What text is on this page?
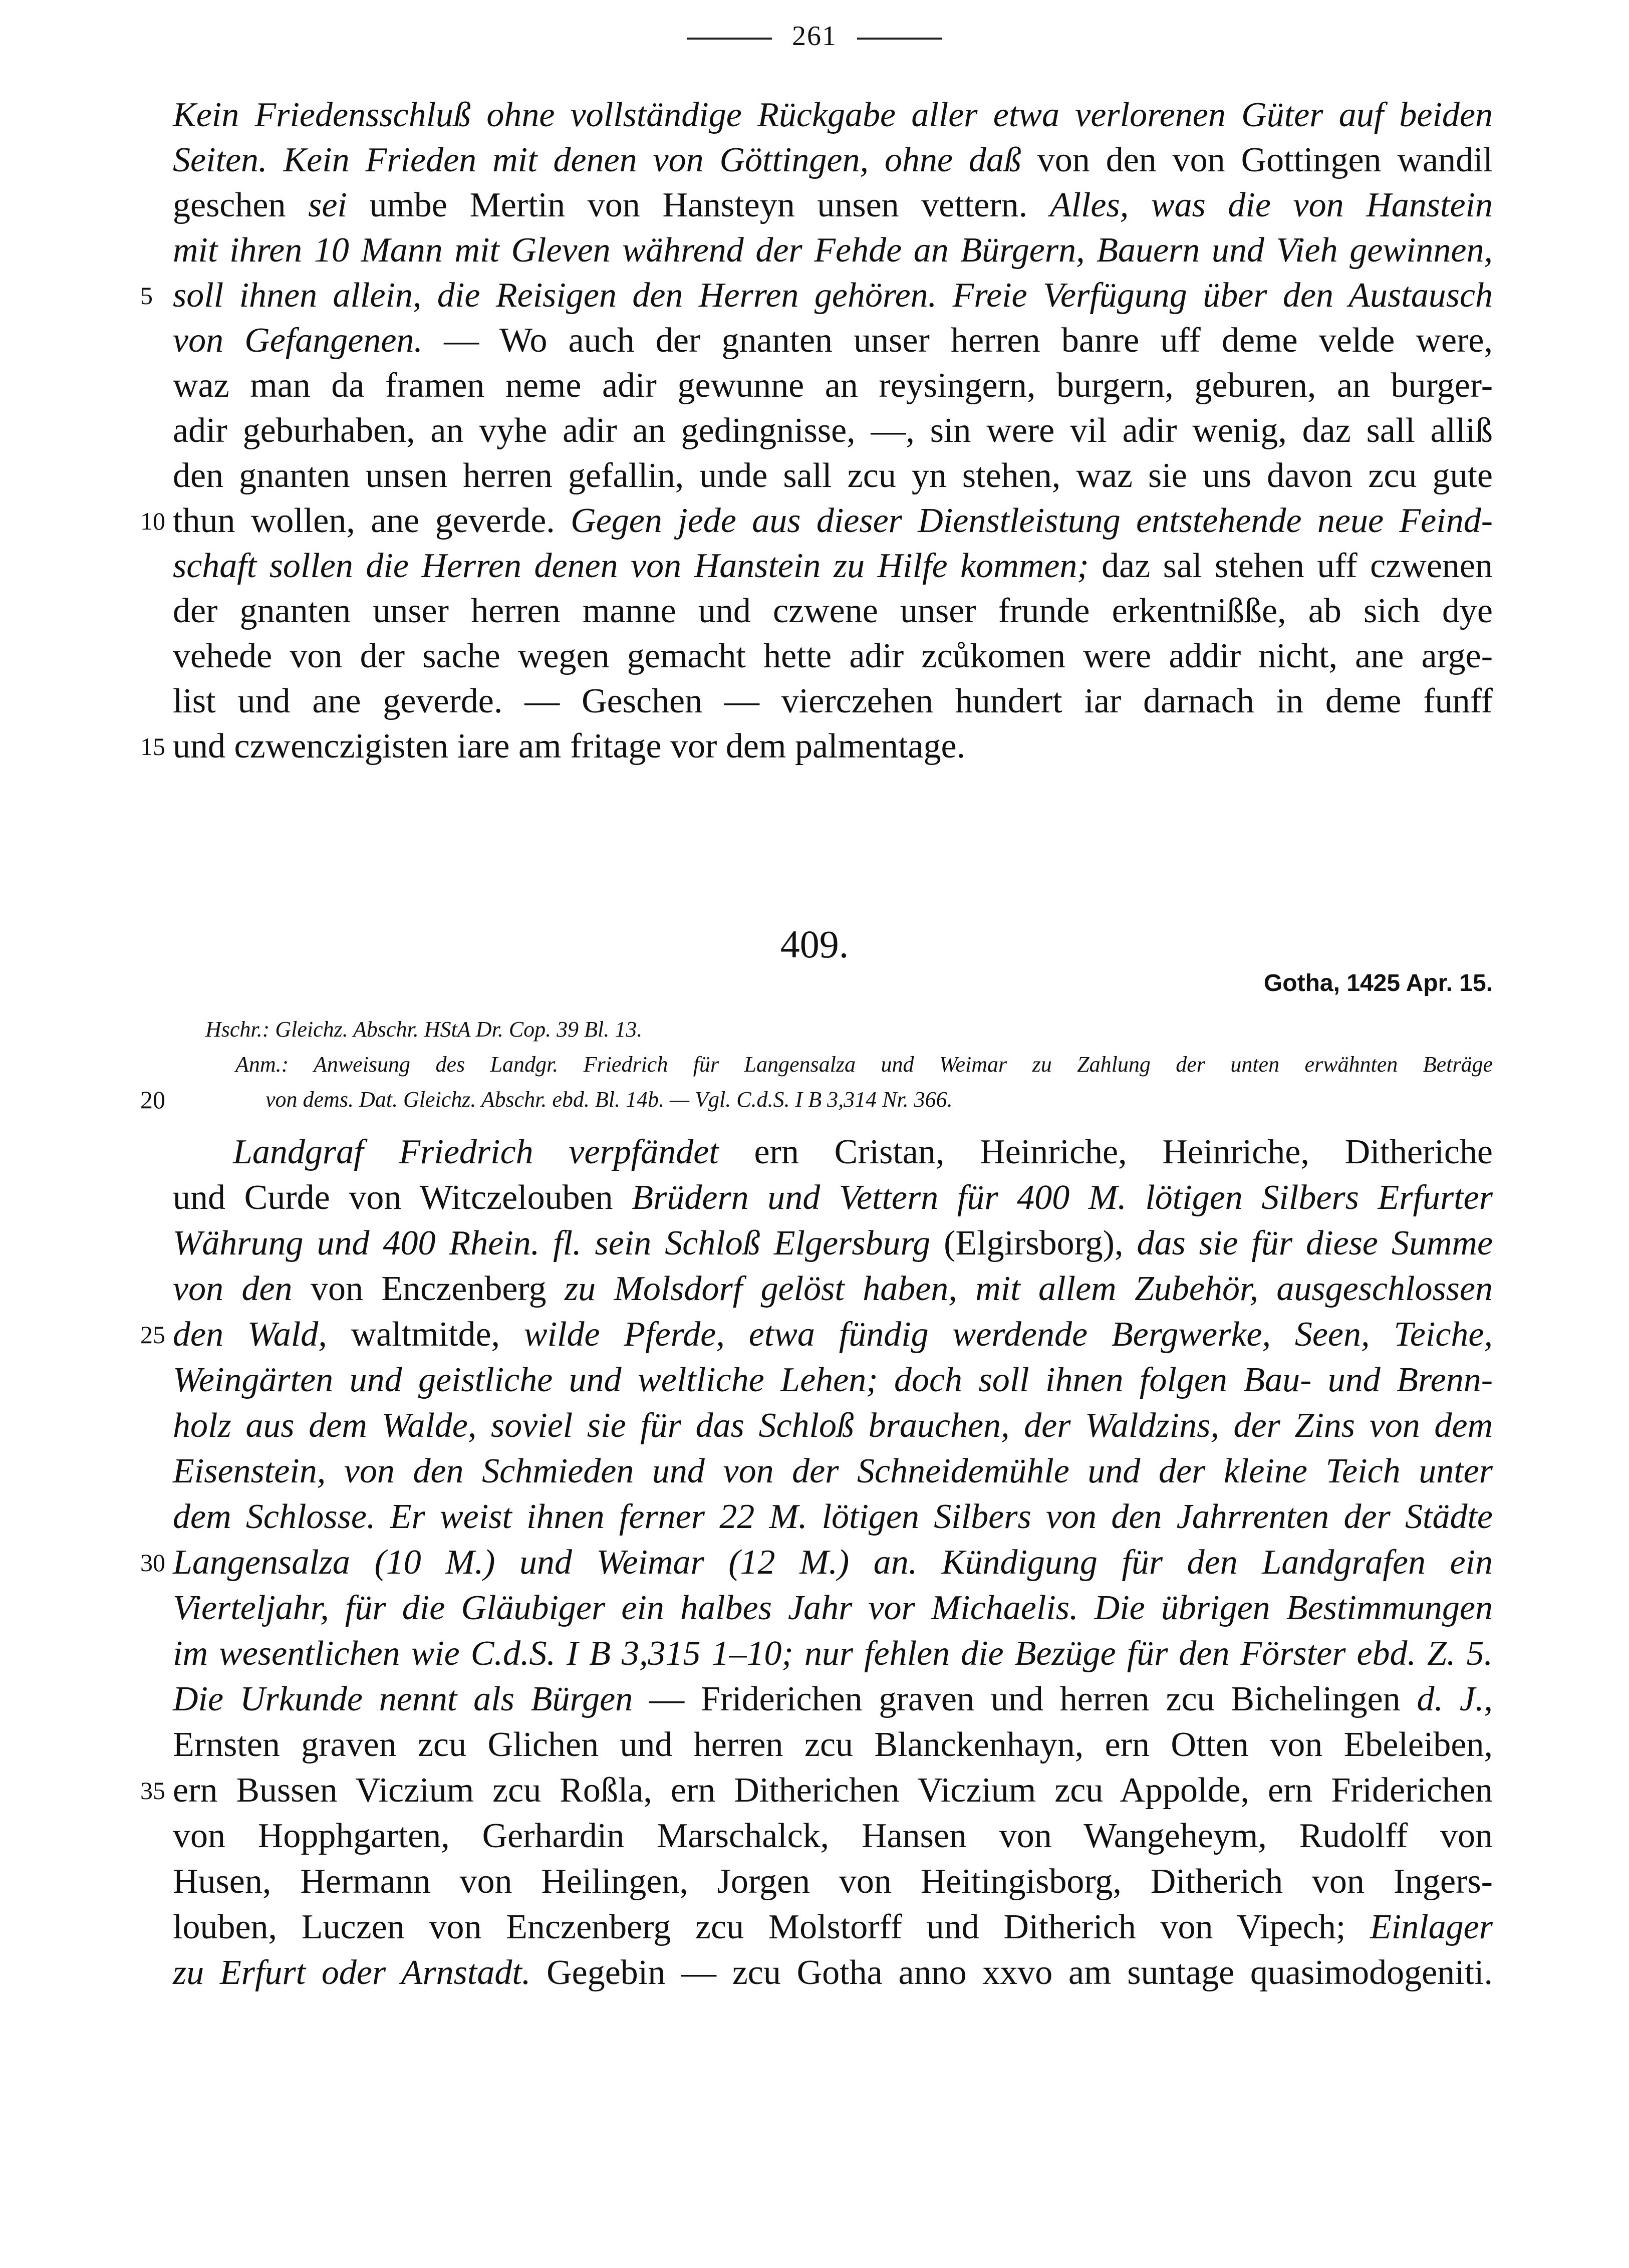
261
Kein Friedensschluß ohne vollständige Rückgabe aller etwa verlorenen Güter auf beiden
Seiten. Kein Frieden mit denen von Göttingen, ohne daß von den von Gottingen wandil
geschen sei umbe Mertin von Hansteyn unsen vettern. Alles, was die von Hanstein
mit ihren 10 Mann mit Gleven während der Fehde an Bürgern, Bauern und Vieh gewinnen,
5 soll ihnen allein, die Reisigen den Herren gehören. Freie Verfügung über den Austausch
von Gefangenen. — Wo auch der gnanten unser herren banre uff deme velde were,
waz man da framen neme adir gewunne an reysingern, burgern, geburen, an burger-
adir geburhaben, an vyhe adir an gedingnisse, —, sin were vil adir wenig, daz sall alliß
den gnanten unsen herren gefallin, unde sall zcu yn stehen, waz sie uns davon zcu gute
10 thun wollen, ane geverde. Gegen jede aus dieser Dienstleistung entstehende neue Feind-
schaft sollen die Herren denen von Hanstein zu Hilfe kommen; daz sal stehen uff czwenen
der gnanten unser herren manne und czwene unser frunde erkentnißße, ab sich dye
vehede von der sache wegen gemacht hette adir zcůkomen were addir nicht, ane arge-
list und ane geverde. — Geschen — vierczehen hundert iar darnach in deme funff
15 und czwenczigisten iare am fritage vor dem palmentage.
409.
Gotha, 1425 Apr. 15.
Hschr.: Gleichz. Abschr. HStA Dr. Cop. 39 Bl. 13.
Anm.: Anweisung des Landgr. Friedrich für Langensalza und Weimar zu Zahlung der unten erwähnten Beträge
20	von dems. Dat. Gleichz. Abschr. ebd. Bl. 14b. — Vgl. C.d.S. I B 3,314 Nr. 366.
Landgraf Friedrich verpfändet ern Cristan, Heinriche, Heinriche, Ditheriche
und Curde von Witczelouben Brüdern und Vettern für 400 M. lötigen Silbers Erfurter
Währung und 400 Rhein. fl. sein Schloß Elgersburg (Elgirsborg), das sie für diese Summe
von den von Enczenberg zu Molsdorf gelöst haben, mit allem Zubehör, ausgeschlossen
25 den Wald, waltmitde, wilde Pferde, etwa fündig werdende Bergwerke, Seen, Teiche,
Weingärten und geistliche und weltliche Lehen; doch soll ihnen folgen Bau- und Brenn-
holz aus dem Walde, soviel sie für das Schloß brauchen, der Waldzins, der Zins von dem
Eisenstein, von den Schmieden und von der Schneidemühle und der kleine Teich unter
dem Schlosse. Er weist ihnen ferner 22 M. lötigen Silbers von den Jahrrenten der Städte
30 Langensalza (10 M.) und Weimar (12 M.) an. Kündigung für den Landgrafen ein
Vierteljahr, für die Gläubiger ein halbes Jahr vor Michaelis. Die übrigen Bestimmungen
im wesentlichen wie C.d.S. I B 3,315 1–10; nur fehlen die Bezüge für den Förster ebd. Z. 5.
Die Urkunde nennt als Bürgen — Friderichen graven und herren zcu Bichelingen d. J.,
Ernsten graven zcu Glichen und herren zcu Blanckenhayn, ern Otten von Ebeleiben,
35 ern Bussen Viczium zcu Roßla, ern Ditherichen Viczium zcu Appolde, ern Friderichen
von Hopphgarten, Gerhardin Marschalck, Hansen von Wangeheym, Rudolff von
Husen, Hermann von Heilingen, Jorgen von Heitingisborg, Ditherich von Ingers-
louben, Luczen von Enczenberg zcu Molstorff und Ditherich von Vipech; Einlager
zu Erfurt oder Arnstadt. Gegebin — zcu Gotha anno xxvo am suntage quasimodogeniti.
